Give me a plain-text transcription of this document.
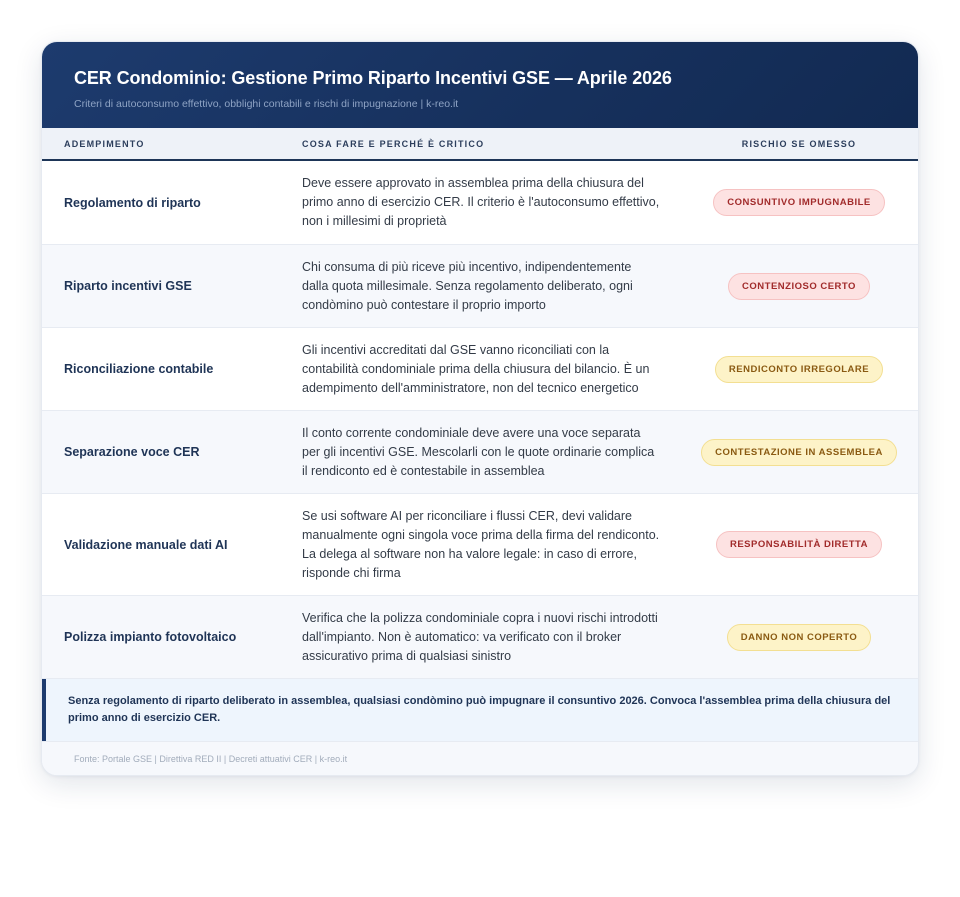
CER Condominio: Gestione Primo Riparto Incentivi GSE — Aprile 2026
Criteri di autoconsumo effettivo, obblighi contabili e rischi di impugnazione | k-reo.it
ADEMPIMENTO	COSA FARE E PERCHÉ È CRITICO	RISCHIO SE OMESSO
Regolamento di riparto
Deve essere approvato in assemblea prima della chiusura del primo anno di esercizio CER. Il criterio è l'autoconsumo effettivo, non i millesimi di proprietà
CONSUNTIVO IMPUGNABILE
Riparto incentivi GSE
Chi consuma di più riceve più incentivo, indipendentemente dalla quota millesimale. Senza regolamento deliberato, ogni condòmino può contestare il proprio importo
CONTENZIOSO CERTO
Riconciliazione contabile
Gli incentivi accreditati dal GSE vanno riconciliati con la contabilità condominiale prima della chiusura del bilancio. È un adempimento dell'amministratore, non del tecnico energetico
RENDICONTO IRREGOLARE
Separazione voce CER
Il conto corrente condominiale deve avere una voce separata per gli incentivi GSE. Mescolarli con le quote ordinarie complica il rendiconto ed è contestabile in assemblea
CONTESTAZIONE IN ASSEMBLEA
Validazione manuale dati AI
Se usi software AI per riconciliare i flussi CER, devi validare manualmente ogni singola voce prima della firma del rendiconto. La delega al software non ha valore legale: in caso di errore, risponde chi firma
RESPONSABILITÀ DIRETTA
Polizza impianto fotovoltaico
Verifica che la polizza condominiale copra i nuovi rischi introdotti dall'impianto. Non è automatico: va verificato con il broker assicurativo prima di qualsiasi sinistro
DANNO NON COPERTO
Senza regolamento di riparto deliberato in assemblea, qualsiasi condòmino può impugnare il consuntivo 2026. Convoca l'assemblea prima della chiusura del primo anno di esercizio CER.
Fonte: Portale GSE | Direttiva RED II | Decreti attuativi CER | k-reo.it
